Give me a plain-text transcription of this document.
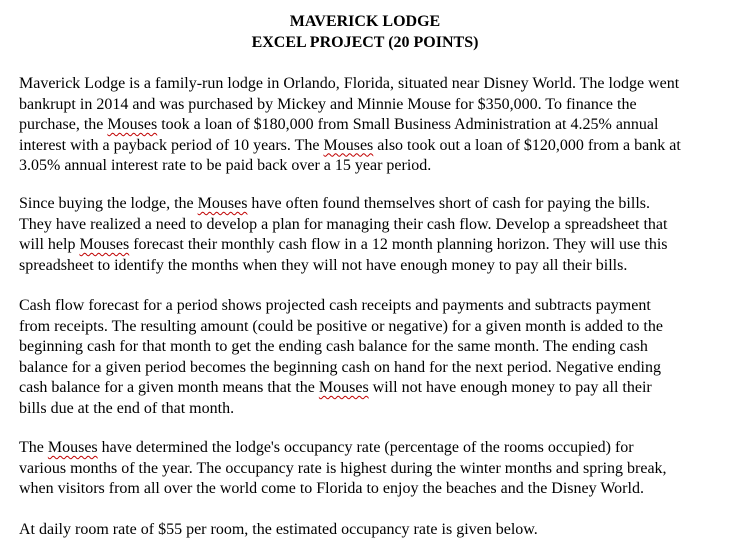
MAVERICK LODGE
EXCEL PROJECT (20 POINTS)

Maverick Lodge is a family-run lodge in Orlando, Florida, situated near Disney World. The lodge went
bankrupt in 2014 and was purchased by Mickey and Minnie Mouse for $350,000. To finance the
purchase, the Mouses took a loan of $180,000 from Small Business Administration at 4.25% annual
interest with a payback period of 10 years. The Mouses also took out a loan of $120,000 from a bank at
3.05% annual interest rate to be paid back over a 15 year period.

Since buying the lodge, the Mouses have often found themselves short of cash for paying the bills.
They have realized a need to develop a plan for managing their cash flow. Develop a spreadsheet that
will help Mouses forecast their monthly cash flow in a 12 month planning horizon. They will use this
spreadsheet to identify the months when they will not have enough money to pay all their bills.

Cash flow forecast for a period shows projected cash receipts and payments and subtracts payment
from receipts. The resulting amount (could be positive or negative) for a given month is added to the
beginning cash for that month to get the ending cash balance for the same month. The ending cash
balance for a given period becomes the beginning cash on hand for the next period. Negative ending
cash balance for a given month means that the Mouses will not have enough money to pay all their
bills due at the end of that month.

The Mouses have determined the lodge's occupancy rate (percentage of the rooms occupied) for
various months of the year. The occupancy rate is highest during the winter months and spring break,
when visitors from all over the world come to Florida to enjoy the beaches and the Disney World.

At daily room rate of $55 per room, the estimated occupancy rate is given below.
